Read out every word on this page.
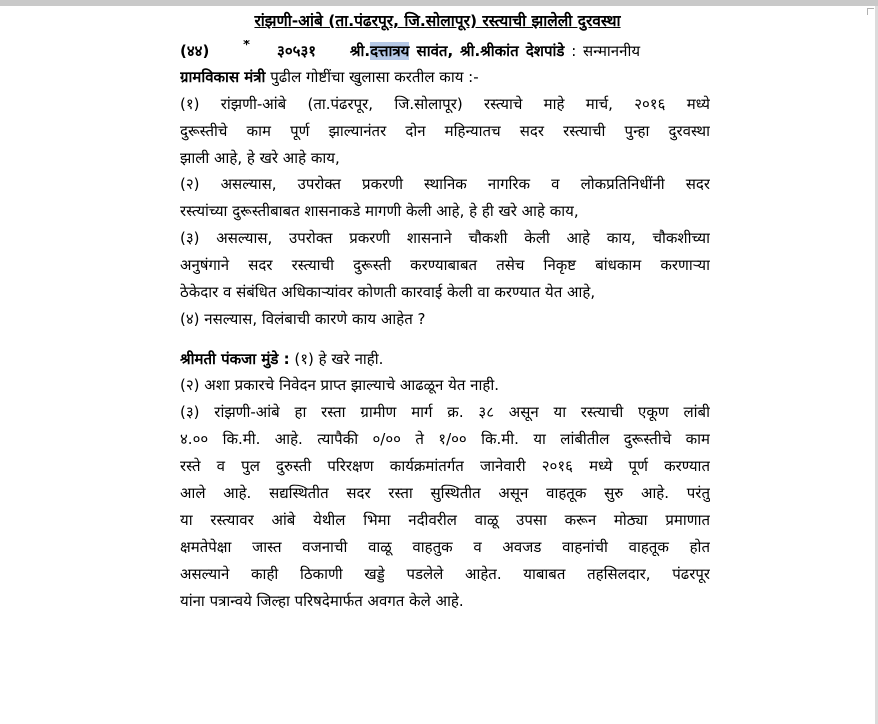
रांझणी-आंबे (ता.पंढरपूर, जि.सोलापूर) रस्त्याची झालेली दुरवस्था
(४४)	* ३०५३१ श्री.दत्तात्रय सावंत, श्री.श्रीकांत देशपांडे : सन्माननीय
ग्रामविकास मंत्री पुढील गोष्टींचा खुलासा करतील काय :-
(१) रांझणी-आंबे (ता.पंढरपूर, जि.सोलापूर) रस्त्याचे माहे मार्च, २०१६ मध्ये
दुरूस्तीचे काम पूर्ण झाल्यानंतर दोन महिन्यातच सदर रस्त्याची पुन्हा दुरवस्था
झाली आहे, हे खरे आहे काय,
(२) असल्यास, उपरोक्त प्रकरणी स्थानिक नागरिक व लोकप्रतिनिधींनी सदर
रस्त्यांच्या दुरूस्तीबाबत शासनाकडे मागणी केली आहे, हे ही खरे आहे काय,
(३) असल्यास, उपरोक्त प्रकरणी शासनाने चौकशी केली आहे काय, चौकशीच्या
अनुषंगाने सदर रस्त्याची दुरूस्ती करण्याबाबत तसेच निकृष्ट बांधकाम करणाऱ्या
ठेकेदार व संबंधित अधिकाऱ्यांवर कोणती कारवाई केली वा करण्यात येत आहे,
(४) नसल्यास, विलंबाची कारणे काय आहेत ?
श्रीमती पंकजा मुंडे : (१) हे खरे नाही.
(२) अशा प्रकारचे निवेदन प्राप्त झाल्याचे आढळून येत नाही.
(३) रांझणी-आंबे हा रस्ता ग्रामीण मार्ग क्र. ३८ असून या रस्त्याची एकूण लांबी
४.०० कि.मी. आहे. त्यापैकी ०/०० ते १/०० कि.मी. या लांबीतील दुरूस्तीचे काम
रस्ते व पुल दुरुस्ती परिरक्षण कार्यक्रमांतर्गत जानेवारी २०१६ मध्ये पूर्ण करण्यात
आले आहे. सद्यस्थितीत सदर रस्ता सुस्थितीत असून वाहतूक सुरु आहे. परंतु
या रस्त्यावर आंबे येथील भिमा नदीवरील वाळू उपसा करून मोठ्या प्रमाणात
क्षमतेपेक्षा जास्त वजनाची वाळू वाहतुक व अवजड वाहनांची वाहतूक होत
असल्याने काही ठिकाणी खड्डे पडलेले आहेत. याबाबत तहसिलदार, पंढरपूर
यांना पत्रान्वये जिल्हा परिषदेमार्फत अवगत केले आहे.
